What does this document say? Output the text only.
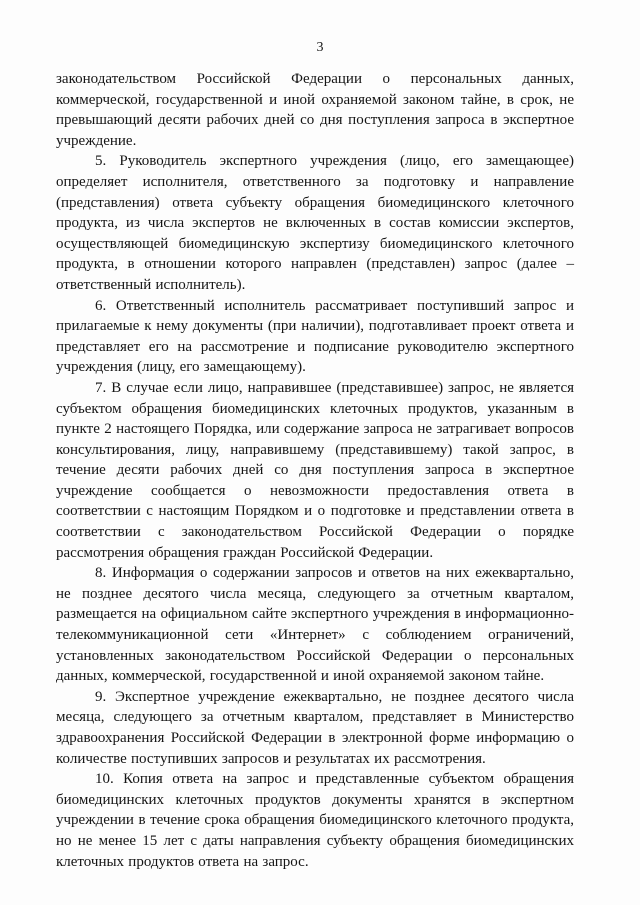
3

законодательством Российской Федерации о персональных данных, коммерческой, государственной и иной охраняемой законом тайне, в срок, не превышающий десяти рабочих дней со дня поступления запроса в экспертное учреждение.

5. Руководитель экспертного учреждения (лицо, его замещающее) определяет исполнителя, ответственного за подготовку и направление (представления) ответа субъекту обращения биомедицинского клеточного продукта, из числа экспертов не включенных в состав комиссии экспертов, осуществляющей биомедицинскую экспертизу биомедицинского клеточного продукта, в отношении которого направлен (представлен) запрос (далее – ответственный исполнитель).

6. Ответственный исполнитель рассматривает поступивший запрос и прилагаемые к нему документы (при наличии), подготавливает проект ответа и представляет его на рассмотрение и подписание руководителю экспертного учреждения (лицу, его замещающему).

7. В случае если лицо, направившее (представившее) запрос, не является субъектом обращения биомедицинских клеточных продуктов, указанным в пункте 2 настоящего Порядка, или содержание запроса не затрагивает вопросов консультирования, лицу, направившему (представившему) такой запрос, в течение десяти рабочих дней со дня поступления запроса в экспертное учреждение сообщается о невозможности предоставления ответа в соответствии с настоящим Порядком и о подготовке и представлении ответа в соответствии с законодательством Российской Федерации о порядке рассмотрения обращения граждан Российской Федерации.

8. Информация о содержании запросов и ответов на них ежеквартально, не позднее десятого числа месяца, следующего за отчетным кварталом, размещается на официальном сайте экспертного учреждения в информационно-телекоммуникационной сети «Интернет» с соблюдением ограничений, установленных законодательством Российской Федерации о персональных данных, коммерческой, государственной и иной охраняемой законом тайне.

9. Экспертное учреждение ежеквартально, не позднее десятого числа месяца, следующего за отчетным кварталом, представляет в Министерство здравоохранения Российской Федерации в электронной форме информацию о количестве поступивших запросов и результатах их рассмотрения.

10. Копия ответа на запрос и представленные субъектом обращения биомедицинских клеточных продуктов документы хранятся в экспертном учреждении в течение срока обращения биомедицинского клеточного продукта, но не менее 15 лет с даты направления субъекту обращения биомедицинских клеточных продуктов ответа на запрос.
